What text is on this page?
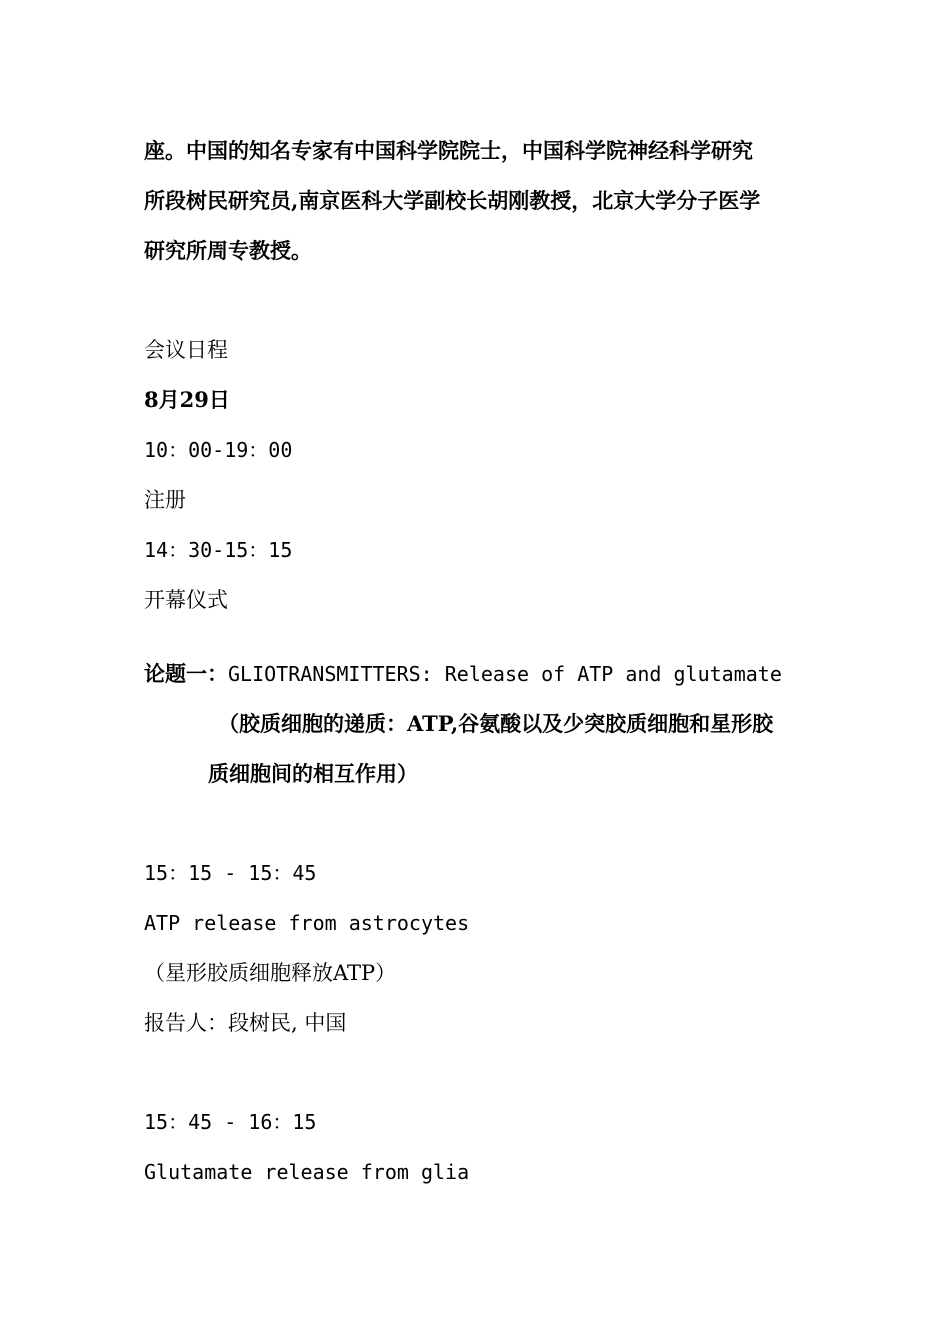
座。中国的知名专家有中国科学院院士，中国科学院神经科学研究
所段树民研究员,南京医科大学副校长胡刚教授，北京大学分子医学
研究所周专教授。
会议日程
8月29日
10：00-19：00
注册
14：30-15：15
开幕仪式
论题一：GLIOTRANSMITTERS: Release of ATP and glutamate
（胶质细胞的递质：ATP,谷氨酸以及少突胶质细胞和星形胶
质细胞间的相互作用）
15：15 - 15：45
ATP release from astrocytes
（星形胶质细胞释放ATP）
报告人：段树民, 中国
15：45 - 16：15
Glutamate release from glia
